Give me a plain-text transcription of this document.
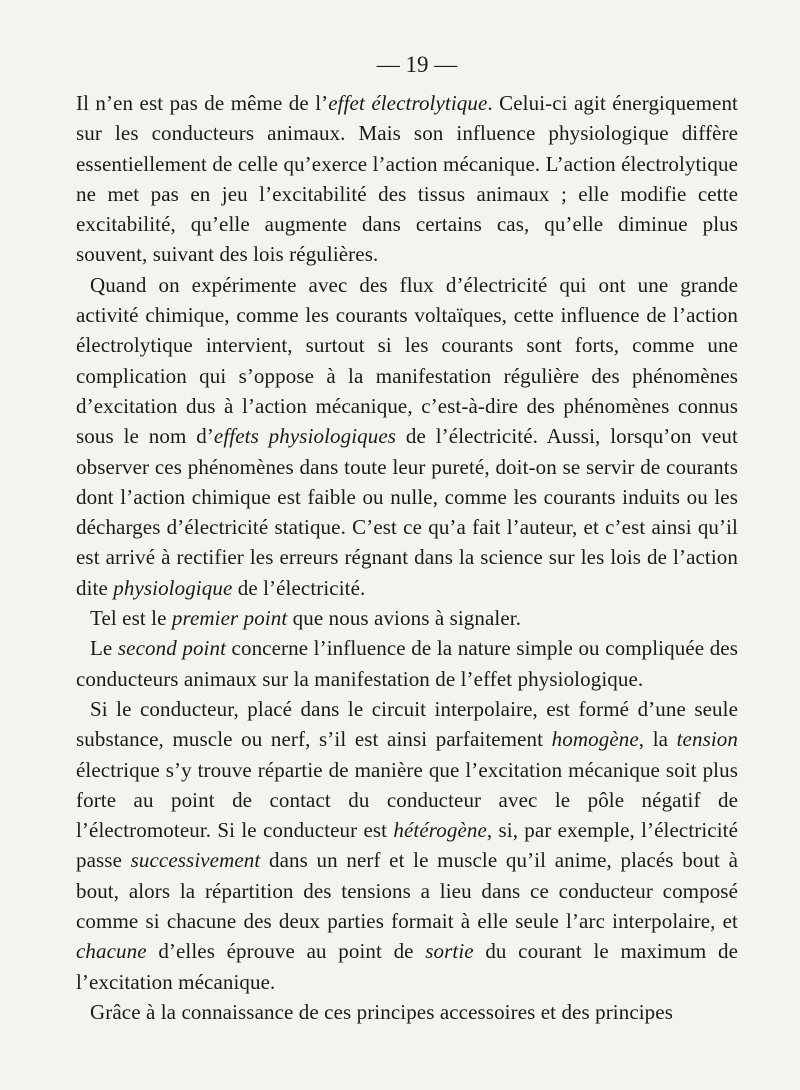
— 19 —

Il n’en est pas de même de l’effet électrolytique. Celui-ci agit énergiquement sur les conducteurs animaux. Mais son influence physiologique diffère essentiellement de celle qu’exerce l’action mécanique. L’action électrolytique ne met pas en jeu l’excitabilité des tissus animaux ; elle modifie cette excitabilité, qu’elle augmente dans certains cas, qu’elle diminue plus souvent, suivant des lois régulières.

Quand on expérimente avec des flux d’électricité qui ont une grande activité chimique, comme les courants voltaïques, cette influence de l’action électrolytique intervient, surtout si les courants sont forts, comme une complication qui s’oppose à la manifestation régulière des phénomènes d’excitation dus à l’action mécanique, c’est-à-dire des phénomènes connus sous le nom d’effets physiologiques de l’électricité. Aussi, lorsqu’on veut observer ces phénomènes dans toute leur pureté, doit-on se servir de courants dont l’action chimique est faible ou nulle, comme les courants induits ou les décharges d’électricité statique. C’est ce qu’a fait l’auteur, et c’est ainsi qu’il est arrivé à rectifier les erreurs régnant dans la science sur les lois de l’action dite physiologique de l’électricité.

Tel est le premier point que nous avions à signaler.

Le second point concerne l’influence de la nature simple ou compliquée des conducteurs animaux sur la manifestation de l’effet physiologique.

Si le conducteur, placé dans le circuit interpolaire, est formé d’une seule substance, muscle ou nerf, s’il est ainsi parfaitement homogène, la tension électrique s’y trouve répartie de manière que l’excitation mécanique soit plus forte au point de contact du conducteur avec le pôle négatif de l’électromoteur. Si le conducteur est hétérogène, si, par exemple, l’électricité passe successivement dans un nerf et le muscle qu’il anime, placés bout à bout, alors la répartition des tensions a lieu dans ce conducteur composé comme si chacune des deux parties formait à elle seule l’arc interpolaire, et chacune d’elles éprouve au point de sortie du courant le maximum de l’excitation mécanique.

Grâce à la connaissance de ces principes accessoires et des principes
